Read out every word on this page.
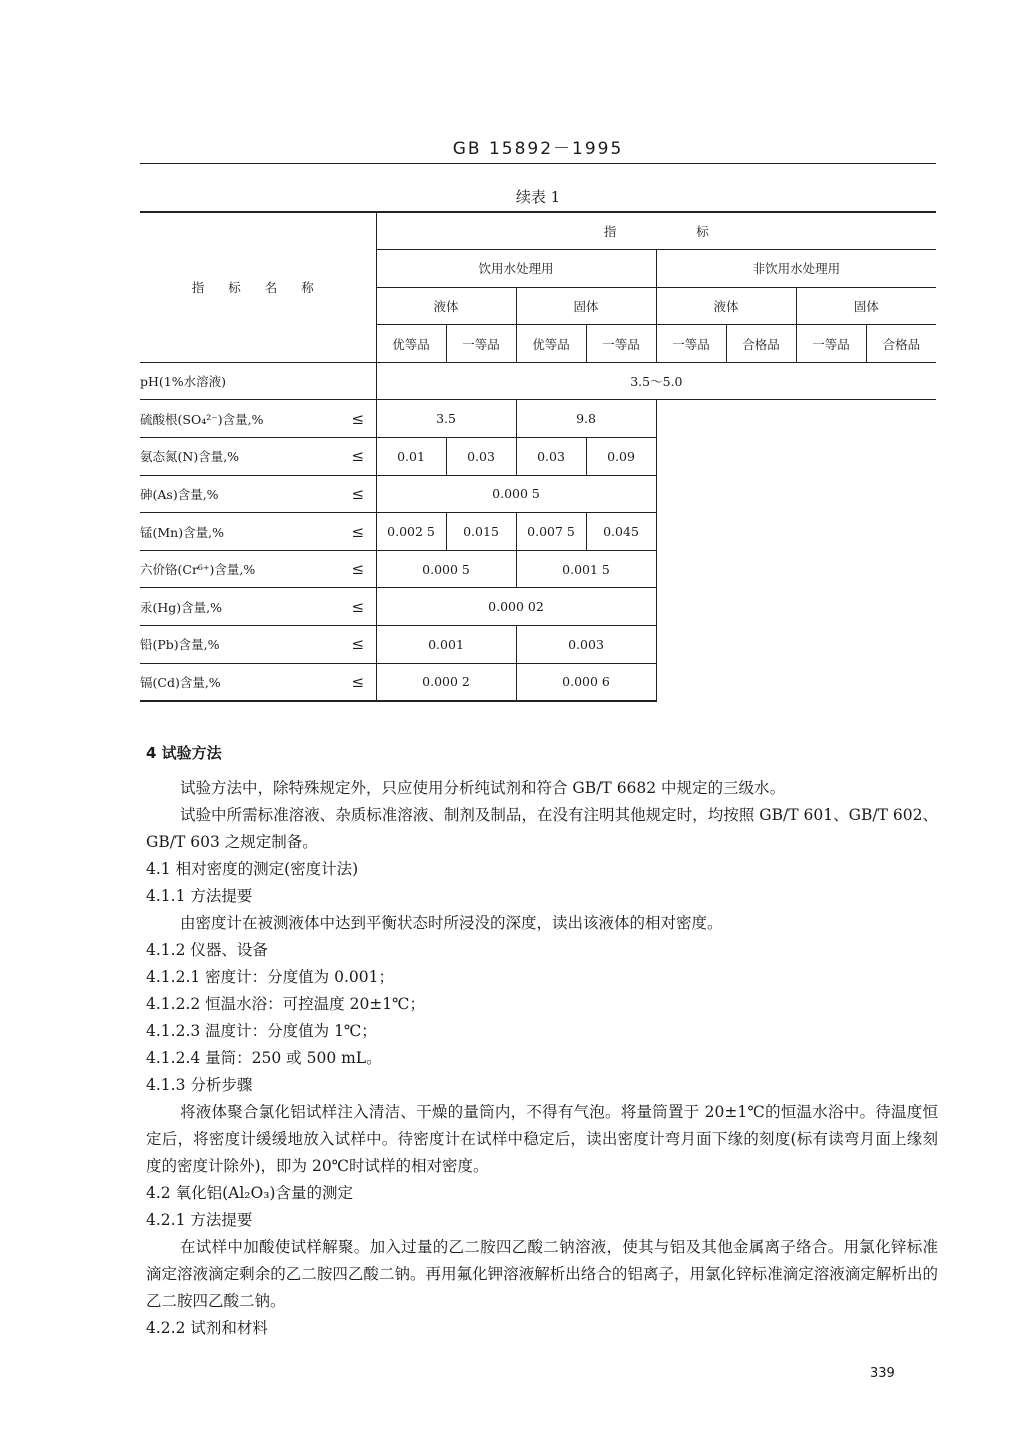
GB 15892－1995
续表 1
指 标 名 称		指 标							
		饮用水处理用				非饮用水处理用			
		液体		固体		液体		固体	
		优等品	一等品	优等品	一等品	一等品	合格品	一等品	合格品
pH(1%水溶液)		3.5～5.0							
硫酸根(SO₄²⁻)含量,%	≤	3.5		9.8					
氨态氮(N)含量,%	≤	0.01	0.03	0.03	0.09				
砷(As)含量,%	≤	0.000 5							
锰(Mn)含量,%	≤	0.002 5	0.015	0.007 5	0.045				
六价铬(Cr⁶⁺)含量,%	≤	0.000 5		0.001 5					
汞(Hg)含量,%	≤	0.000 02							
铅(Pb)含量,%	≤	0.001		0.003					
镉(Cd)含量,%	≤	0.000 2		0.000 6					

4 试验方法

试验方法中，除特殊规定外，只应使用分析纯试剂和符合 GB/T 6682 中规定的三级水。

试验中所需标准溶液、杂质标准溶液、制剂及制品，在没有注明其他规定时，均按照 GB/T 601、GB/T 602、GB/T 603 之规定制备。

4.1 相对密度的测定(密度计法)

4.1.1 方法提要

由密度计在被测液体中达到平衡状态时所浸没的深度，读出该液体的相对密度。

4.1.2 仪器、设备

4.1.2.1 密度计：分度值为 0.001；

4.1.2.2 恒温水浴：可控温度 20±1℃；

4.1.2.3 温度计：分度值为 1℃；

4.1.2.4 量筒：250 或 500 mL。

4.1.3 分析步骤

将液体聚合氯化铝试样注入清洁、干燥的量筒内，不得有气泡。将量筒置于 20±1℃的恒温水浴中。待温度恒定后，将密度计缓缓地放入试样中。待密度计在试样中稳定后，读出密度计弯月面下缘的刻度(标有读弯月面上缘刻度的密度计除外)，即为 20℃时试样的相对密度。

4.2 氧化铝(Al₂O₃)含量的测定

4.2.1 方法提要

在试样中加酸使试样解聚。加入过量的乙二胺四乙酸二钠溶液，使其与铝及其他金属离子络合。用氯化锌标准滴定溶液滴定剩余的乙二胺四乙酸二钠。再用氟化钾溶液解析出络合的铝离子，用氯化锌标准滴定溶液滴定解析出的乙二胺四乙酸二钠。

4.2.2 试剂和材料

339
